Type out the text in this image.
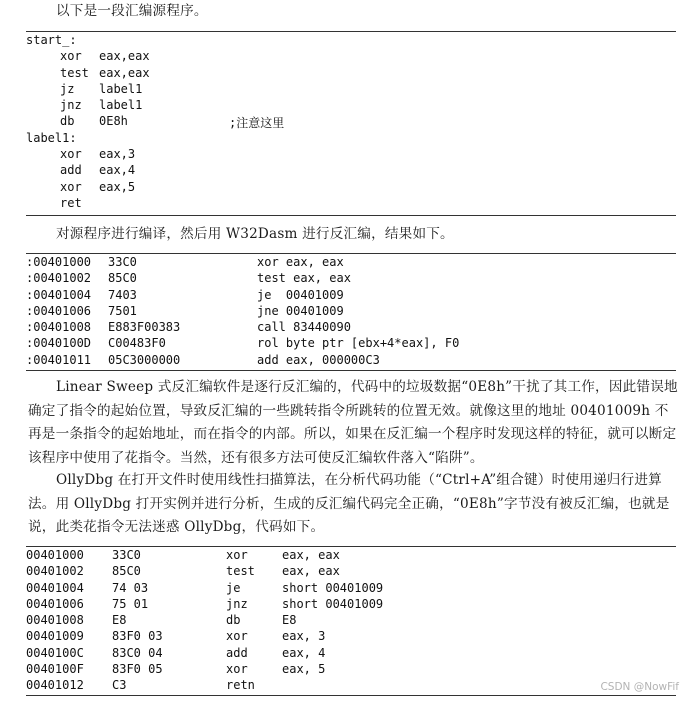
以下是一段汇编源程序。

start_:
xor eax,eax
test eax,eax
jz label1
jnz label1
db 0E8h	;注意这里
label1:
xor eax,3
add eax,4
xor eax,5
ret

对源程序进行编译，然后用 W32Dasm 进行反汇编，结果如下。

:00401000 33C0	xor eax, eax
:00401002 85C0	test eax, eax
:00401004 7403	je  00401009
:00401006 7501	jne 00401009
:00401008 E883F00383	call 83440090
:0040100D C00483F0	rol byte ptr [ebx+4*eax], F0
:00401011 05C3000000	add eax, 000000C3

Linear Sweep 式反汇编软件是逐行反汇编的，代码中的垃圾数据“0E8h”干扰了其工作，因此错误地确定了指令的起始位置，导致反汇编的一些跳转指令所跳转的位置无效。就像这里的地址 00401009h 不再是一条指令的起始地址，而在指令的内部。所以，如果在反汇编一个程序时发现这样的特征，就可以断定该程序中使用了花指令。当然，还有很多方法可使反汇编软件落入“陷阱”。

OllyDbg 在打开文件时使用线性扫描算法，在分析代码功能（“Ctrl+A”组合键）时使用递归行进算法。用 OllyDbg 打开实例并进行分析，生成的反汇编代码完全正确，“0E8h”字节没有被反汇编，也就是说，此类花指令无法迷惑 OllyDbg，代码如下。

00401000 33C0	xor	eax, eax
00401002 85C0	test eax, eax
00401004 74 03	je	short 00401009
00401006 75 01	jnz	short 00401009
00401008 E8	db	E8
00401009 83F0 03	xor	eax, 3
0040100C 83C0 04	add	eax, 4
0040100F 83F0 05	xor	eax, 5
00401012 C3	retn	CSDN @NowFif
